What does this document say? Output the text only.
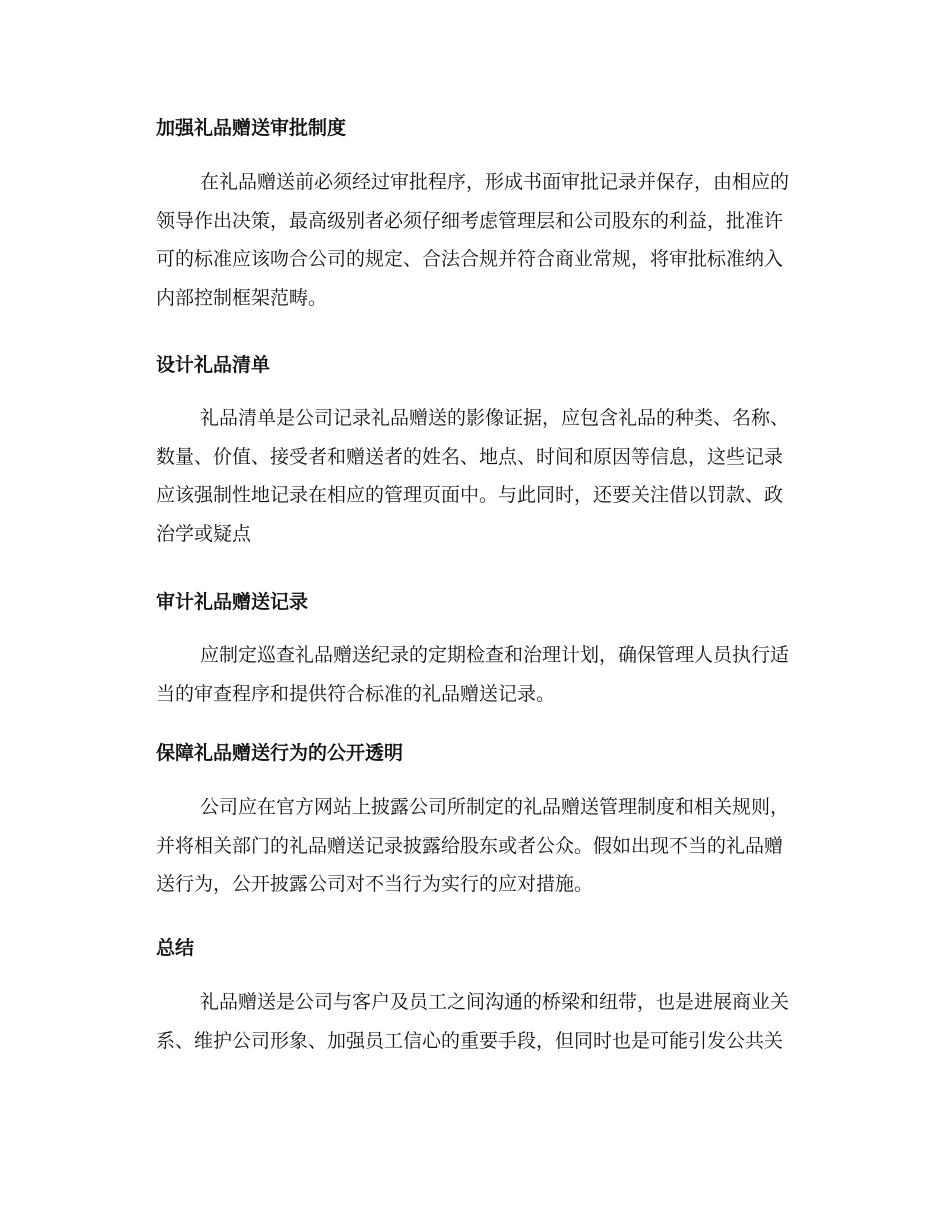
加强礼品赠送审批制度
在礼品赠送前必须经过审批程序，形成书面审批记录并保存，由相应的
领导作出决策，最高级别者必须仔细考虑管理层和公司股东的利益，批准许
可的标准应该吻合公司的规定、合法合规并符合商业常规，将审批标准纳入
内部控制框架范畴。
设计礼品清单
礼品清单是公司记录礼品赠送的影像证据，应包含礼品的种类、名称、
数量、价值、接受者和赠送者的姓名、地点、时间和原因等信息，这些记录
应该强制性地记录在相应的管理页面中。与此同时，还要关注借以罚款、政
治学或疑点
审计礼品赠送记录
应制定巡查礼品赠送纪录的定期检查和治理计划，确保管理人员执行适
当的审查程序和提供符合标准的礼品赠送记录。
保障礼品赠送行为的公开透明
公司应在官方网站上披露公司所制定的礼品赠送管理制度和相关规则，
并将相关部门的礼品赠送记录披露给股东或者公众。假如出现不当的礼品赠
送行为，公开披露公司对不当行为实行的应对措施。
总结
礼品赠送是公司与客户及员工之间沟通的桥梁和纽带，也是进展商业关
系、维护公司形象、加强员工信心的重要手段，但同时也是可能引发公共关
